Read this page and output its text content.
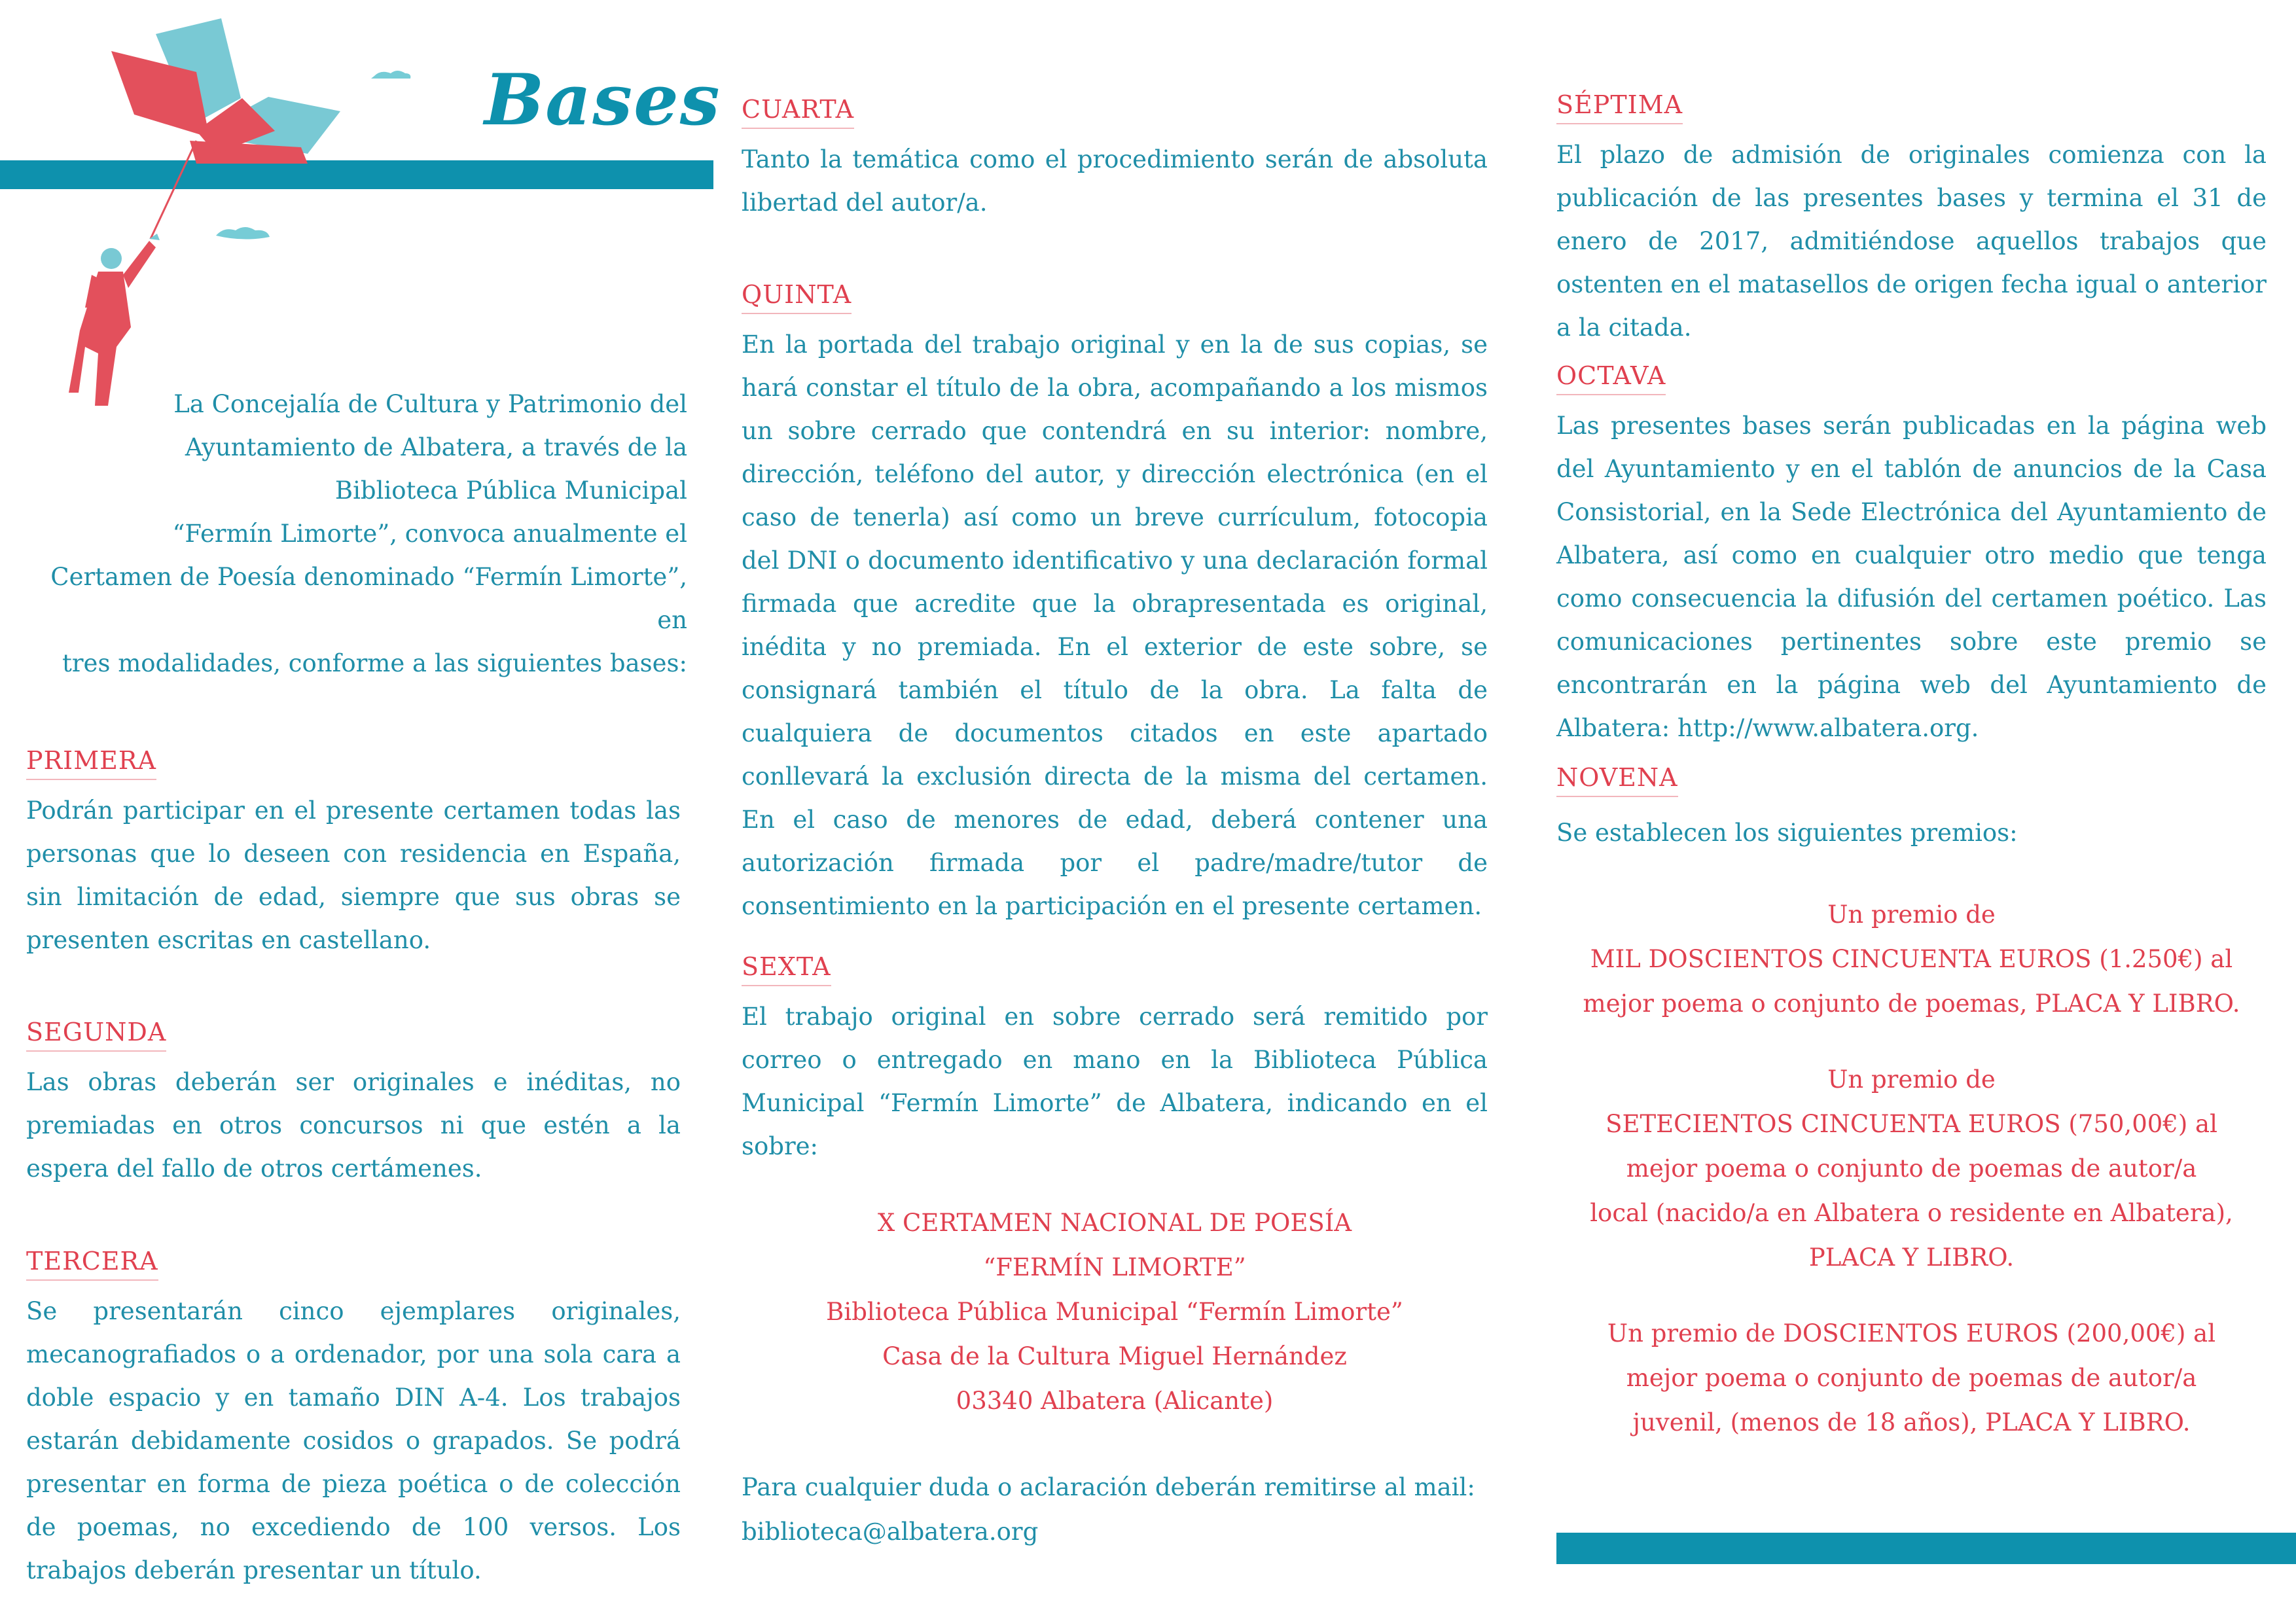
Bases
La Concejalía de Cultura y Patrimonio del
Ayuntamiento de Albatera, a través de la
Biblioteca Pública Municipal
“Fermín Limorte”, convoca anualmente el
Certamen de Poesía denominado “Fermín Limorte”, en
tres modalidades, conforme a las siguientes bases:
PRIMERA

Podrán participar en el presente certamen todas las personas que lo deseen con residencia en España, sin limitación de edad, siempre que sus obras se presenten escritas en castellano.

SEGUNDA

Las obras deberán ser originales e inéditas, no premiadas en otros concursos ni que estén a la espera del fallo de otros certámenes.

TERCERA

Se presentarán cinco ejemplares originales, mecanografiados o a ordenador, por una sola cara a doble espacio y en tamaño DIN A-4. Los trabajos estarán debidamente cosidos o grapados. Se podrá presentar en forma de pieza poética o de colección de poemas, no excediendo de 100 versos. Los trabajos deberán presentar un título.

CUARTA

Tanto la temática como el procedimiento serán de absoluta libertad del autor/a.

QUINTA

En la portada del trabajo original y en la de sus copias, se hará constar el título de la obra, acompañando a los mismos un sobre cerrado que contendrá en su interior: nombre, dirección, teléfono del autor, y dirección electrónica (en el caso de tenerla) así como un breve currículum, fotocopia del DNI o documento identificativo y una declaración formal firmada que acredite que la obrapresentada es original, inédita y no premiada. En el exterior de este sobre, se consignará también el título de la obra. La falta de cualquiera de documentos citados en este apartado conllevará la exclusión directa de la misma del certamen. En el caso de menores de edad, deberá contener una autorización firmada por el padre/madre/tutor de consentimiento en la participación en el presente certamen.

SEXTA

El trabajo original en sobre cerrado será remitido por correo o entregado en mano en la Biblioteca Pública Municipal “Fermín Limorte” de Albatera, indicando en el sobre:

X CERTAMEN NACIONAL DE POESÍA
“FERMÍN LIMORTE”
Biblioteca Pública Municipal “Fermín Limorte”
Casa de la Cultura Miguel Hernández
03340 Albatera (Alicante)
Para cualquier duda o aclaración deberán remitirse al mail:
biblioteca@albatera.org
SÉPTIMA

El plazo de admisión de originales comienza con la publicación de las presentes bases y termina el 31 de enero de 2017, admitiéndose aquellos trabajos que ostenten en el matasellos de origen fecha igual o anterior a la citada.

OCTAVA

Las presentes bases serán publicadas en la página web del Ayuntamiento y en el tablón de anuncios de la Casa Consistorial, en la Sede Electrónica del Ayuntamiento de Albatera, así como en cualquier otro medio que tenga como consecuencia la difusión del certamen poético. Las comunicaciones pertinentes sobre este premio se encontrarán en la página web del Ayuntamiento de Albatera: http://www.albatera.org.

NOVENA

Se establecen los siguientes premios:

Un premio de
MIL DOSCIENTOS CINCUENTA EUROS (1.250€) al
mejor poema o conjunto de poemas, PLACA Y LIBRO.
Un premio de
SETECIENTOS CINCUENTA EUROS (750,00€) al
mejor poema o conjunto de poemas de autor/a
local (nacido/a en Albatera o residente en Albatera),
PLACA Y LIBRO.
Un premio de DOSCIENTOS EUROS (200,00€) al
mejor poema o conjunto de poemas de autor/a
juvenil, (menos de 18 años), PLACA Y LIBRO.
